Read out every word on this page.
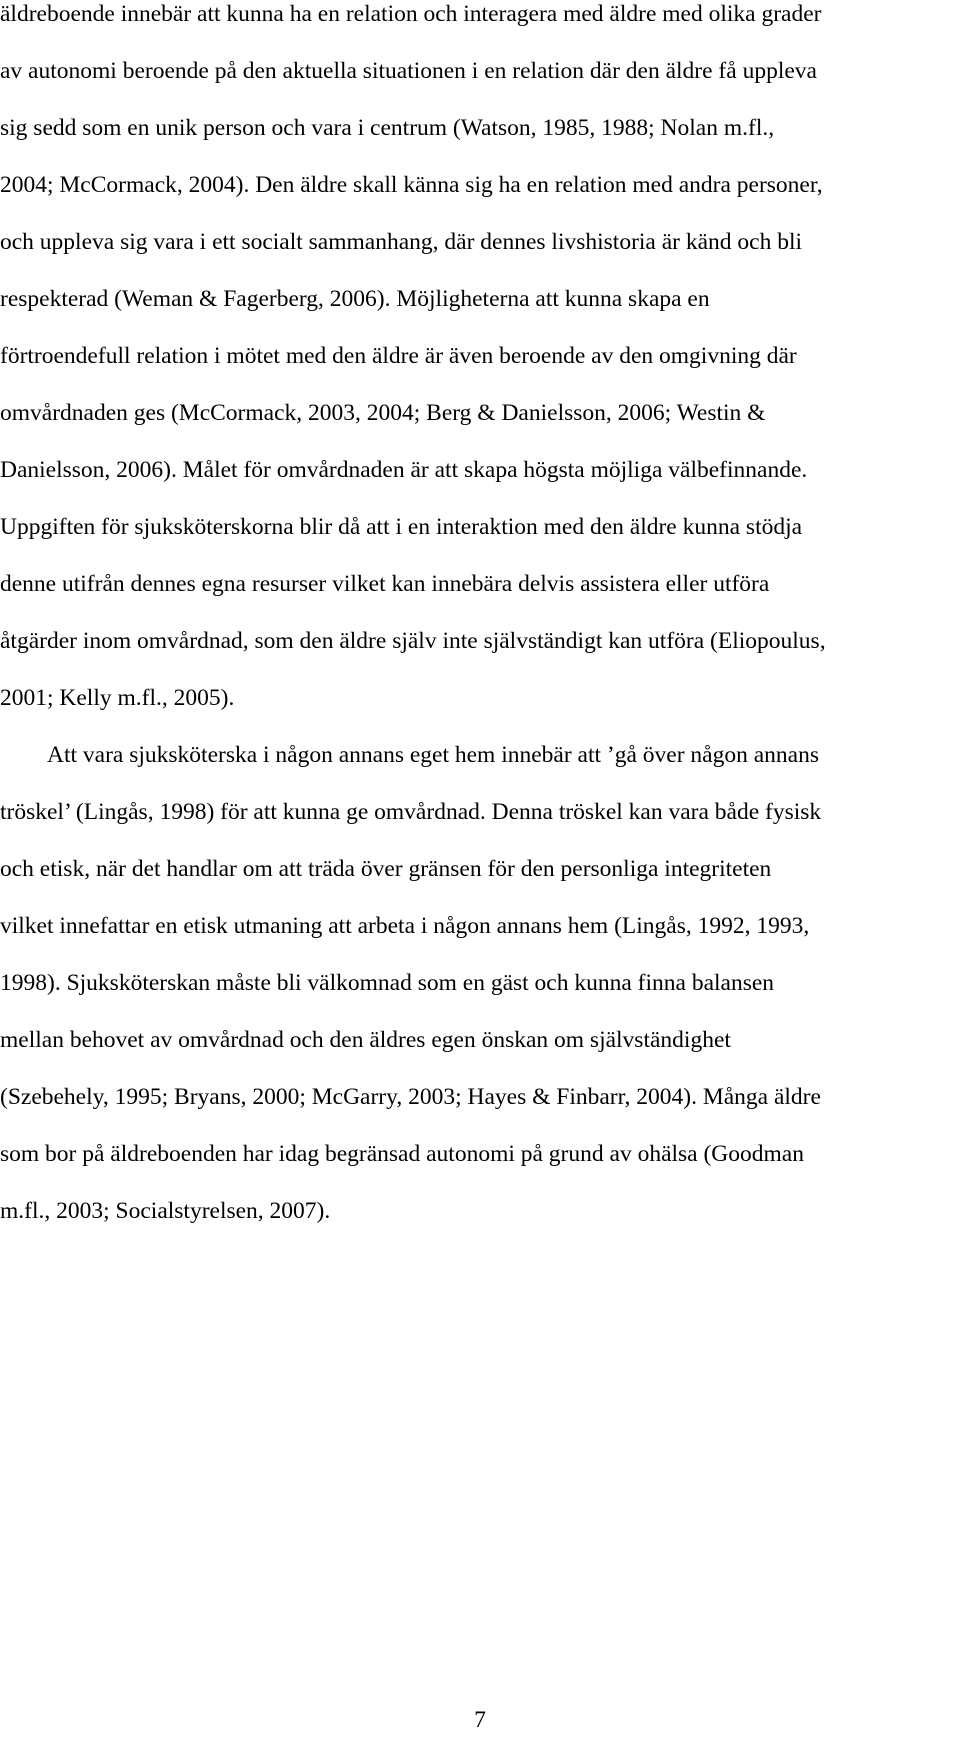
äldreboende innebär att kunna ha en relation och interagera med äldre med olika grader
av autonomi beroende på den aktuella situationen i en relation där den äldre få uppleva
sig sedd som en unik person och vara i centrum (Watson, 1985, 1988; Nolan m.fl.,
2004; McCormack, 2004). Den äldre skall känna sig ha en relation med andra personer,
och uppleva sig vara i ett socialt sammanhang, där dennes livshistoria är känd och bli
respekterad (Weman & Fagerberg, 2006). Möjligheterna att kunna skapa en
förtroendefull relation i mötet med den äldre är även beroende av den omgivning där
omvårdnaden ges (McCormack, 2003, 2004; Berg & Danielsson, 2006; Westin &
Danielsson, 2006). Målet för omvårdnaden är att skapa högsta möjliga välbefinnande.
Uppgiften för sjuksköterskorna blir då att i en interaktion med den äldre kunna stödja
denne utifrån dennes egna resurser vilket kan innebära delvis assistera eller utföra
åtgärder inom omvårdnad, som den äldre själv inte självständigt kan utföra (Eliopoulus,
2001; Kelly m.fl., 2005).
Att vara sjuksköterska i någon annans eget hem innebär att ’gå över någon annans
tröskel’ (Lingås, 1998) för att kunna ge omvårdnad. Denna tröskel kan vara både fysisk
och etisk, när det handlar om att träda över gränsen för den personliga integriteten
vilket innefattar en etisk utmaning att arbeta i någon annans hem (Lingås, 1992, 1993,
1998). Sjuksköterskan måste bli välkomnad som en gäst och kunna finna balansen
mellan behovet av omvårdnad och den äldres egen önskan om självständighet
(Szebehely, 1995; Bryans, 2000; McGarry, 2003; Hayes & Finbarr, 2004). Många äldre
som bor på äldreboenden har idag begränsad autonomi på grund av ohälsa (Goodman
m.fl., 2003; Socialstyrelsen, 2007).
7
